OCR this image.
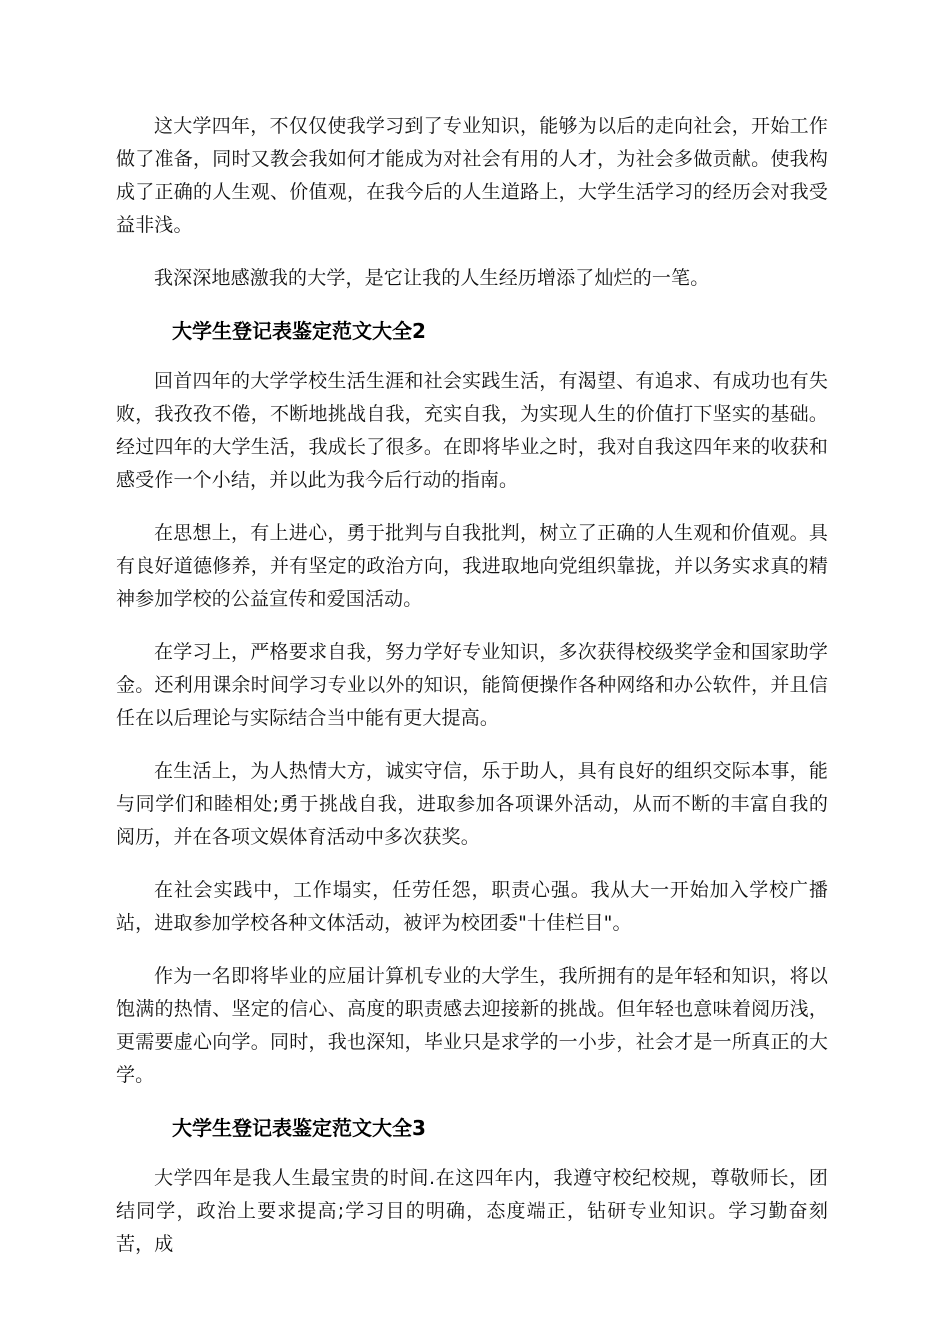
这大学四年，不仅仅使我学习到了专业知识，能够为以后的走向社会，开始工作做了准备，同时又教会我如何才能成为对社会有用的人才，为社会多做贡献。使我构成了正确的人生观、价值观，在我今后的人生道路上，大学生活学习的经历会对我受益非浅。

我深深地感激我的大学，是它让我的人生经历增添了灿烂的一笔。

大学生登记表鉴定范文大全2

回首四年的大学学校生活生涯和社会实践生活，有渴望、有追求、有成功也有失败，我孜孜不倦，不断地挑战自我，充实自我，为实现人生的价值打下坚实的基础。经过四年的大学生活，我成长了很多。在即将毕业之时，我对自我这四年来的收获和感受作一个小结，并以此为我今后行动的指南。

在思想上，有上进心，勇于批判与自我批判，树立了正确的人生观和价值观。具有良好道德修养，并有坚定的政治方向，我进取地向党组织靠拢，并以务实求真的精神参加学校的公益宣传和爱国活动。

在学习上，严格要求自我，努力学好专业知识，多次获得校级奖学金和国家助学金。还利用课余时间学习专业以外的知识，能简便操作各种网络和办公软件，并且信任在以后理论与实际结合当中能有更大提高。

在生活上，为人热情大方，诚实守信，乐于助人，具有良好的组织交际本事，能与同学们和睦相处;勇于挑战自我，进取参加各项课外活动，从而不断的丰富自我的阅历，并在各项文娱体育活动中多次获奖。

在社会实践中，工作塌实，任劳任怨，职责心强。我从大一开始加入学校广播站，进取参加学校各种文体活动，被评为校团委"十佳栏目"。

作为一名即将毕业的应届计算机专业的大学生，我所拥有的是年轻和知识，将以饱满的热情、坚定的信心、高度的职责感去迎接新的挑战。但年轻也意味着阅历浅，更需要虚心向学。同时，我也深知，毕业只是求学的一小步，社会才是一所真正的大学。

大学生登记表鉴定范文大全3

大学四年是我人生最宝贵的时间.在这四年内，我遵守校纪校规，尊敬师长，团结同学，政治上要求提高;学习目的明确，态度端正，钻研专业知识。学习勤奋刻苦，成
